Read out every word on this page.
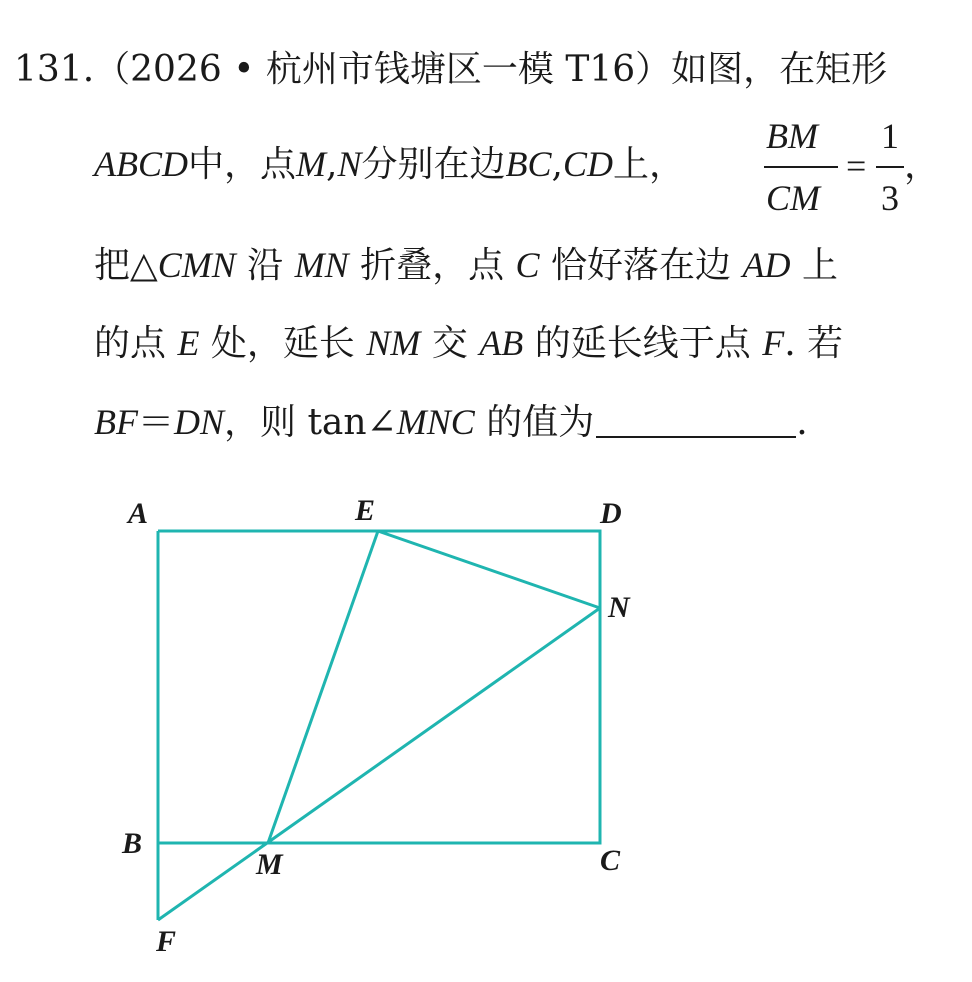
131.（2026 • 杭州市钱塘区一模 T16）如图，在矩形
ABCD中，点M,N分别在边BC,CD上，
BM
CM
=
1
3
，
把△CMN 沿 MN 折叠，点 C 恰好落在边 AD 上
的点 E 处，延长 NM 交 AB 的延长线于点 F. 若
BF＝DN，则 tan∠MNC 的值为	.
A	E	D
N
B
M	C
F
